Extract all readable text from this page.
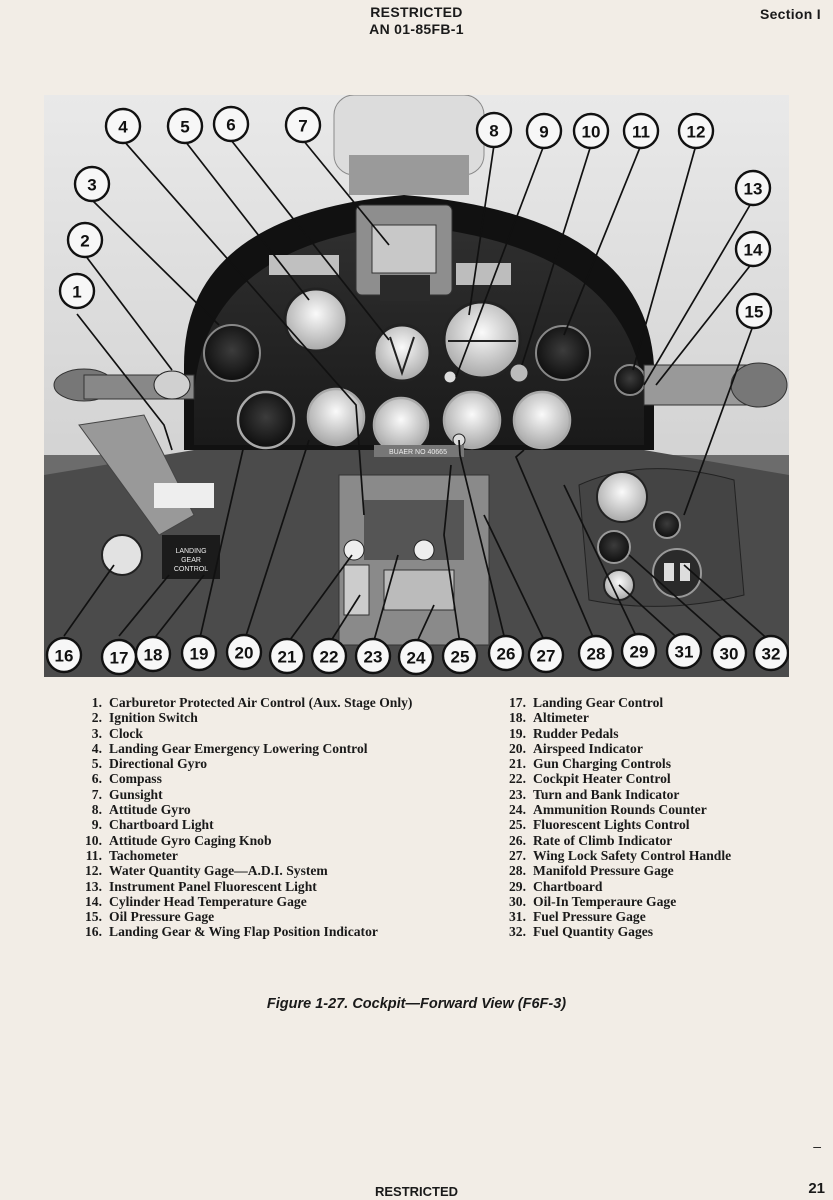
RESTRICTED
AN 01-85FB-1
Section I
LANDING
GEAR
CONTROL
1
2
3
4	5 6	7	8 9 10 11 12
13
14
15
16 17 18 19 20 21 22 23 24 25 26 27 28 29	30
31	32
BUAER NO 40665
1. Carburetor Protected Air Control (Aux. Stage Only)
2. Ignition Switch
3. Clock
4. Landing Gear Emergency Lowering Control
5. Directional Gyro
6. Compass
7. Gunsight
8. Attitude Gyro
9. Chartboard Light
10. Attitude Gyro Caging Knob
11. Tachometer
12. Water Quantity Gage—A.D.I. System
13. Instrument Panel Fluorescent Light
14. Cylinder Head Temperature Gage
15. Oil Pressure Gage
16. Landing Gear & Wing Flap Position Indicator
17. Landing Gear Control
18. Altimeter
19. Rudder Pedals
20. Airspeed Indicator
21. Gun Charging Controls
22. Cockpit Heater Control
23. Turn and Bank Indicator
24. Ammunition Rounds Counter
25. Fluorescent Lights Control
26. Rate of Climb Indicator
27. Wing Lock Safety Control Handle
28. Manifold Pressure Gage
29. Chartboard
30. Oil-In Temperaure Gage
31. Fuel Pressure Gage
32. Fuel Quantity Gages
Figure 1-27. Cockpit—Forward View (F6F-3)
–
RESTRICTED	21
